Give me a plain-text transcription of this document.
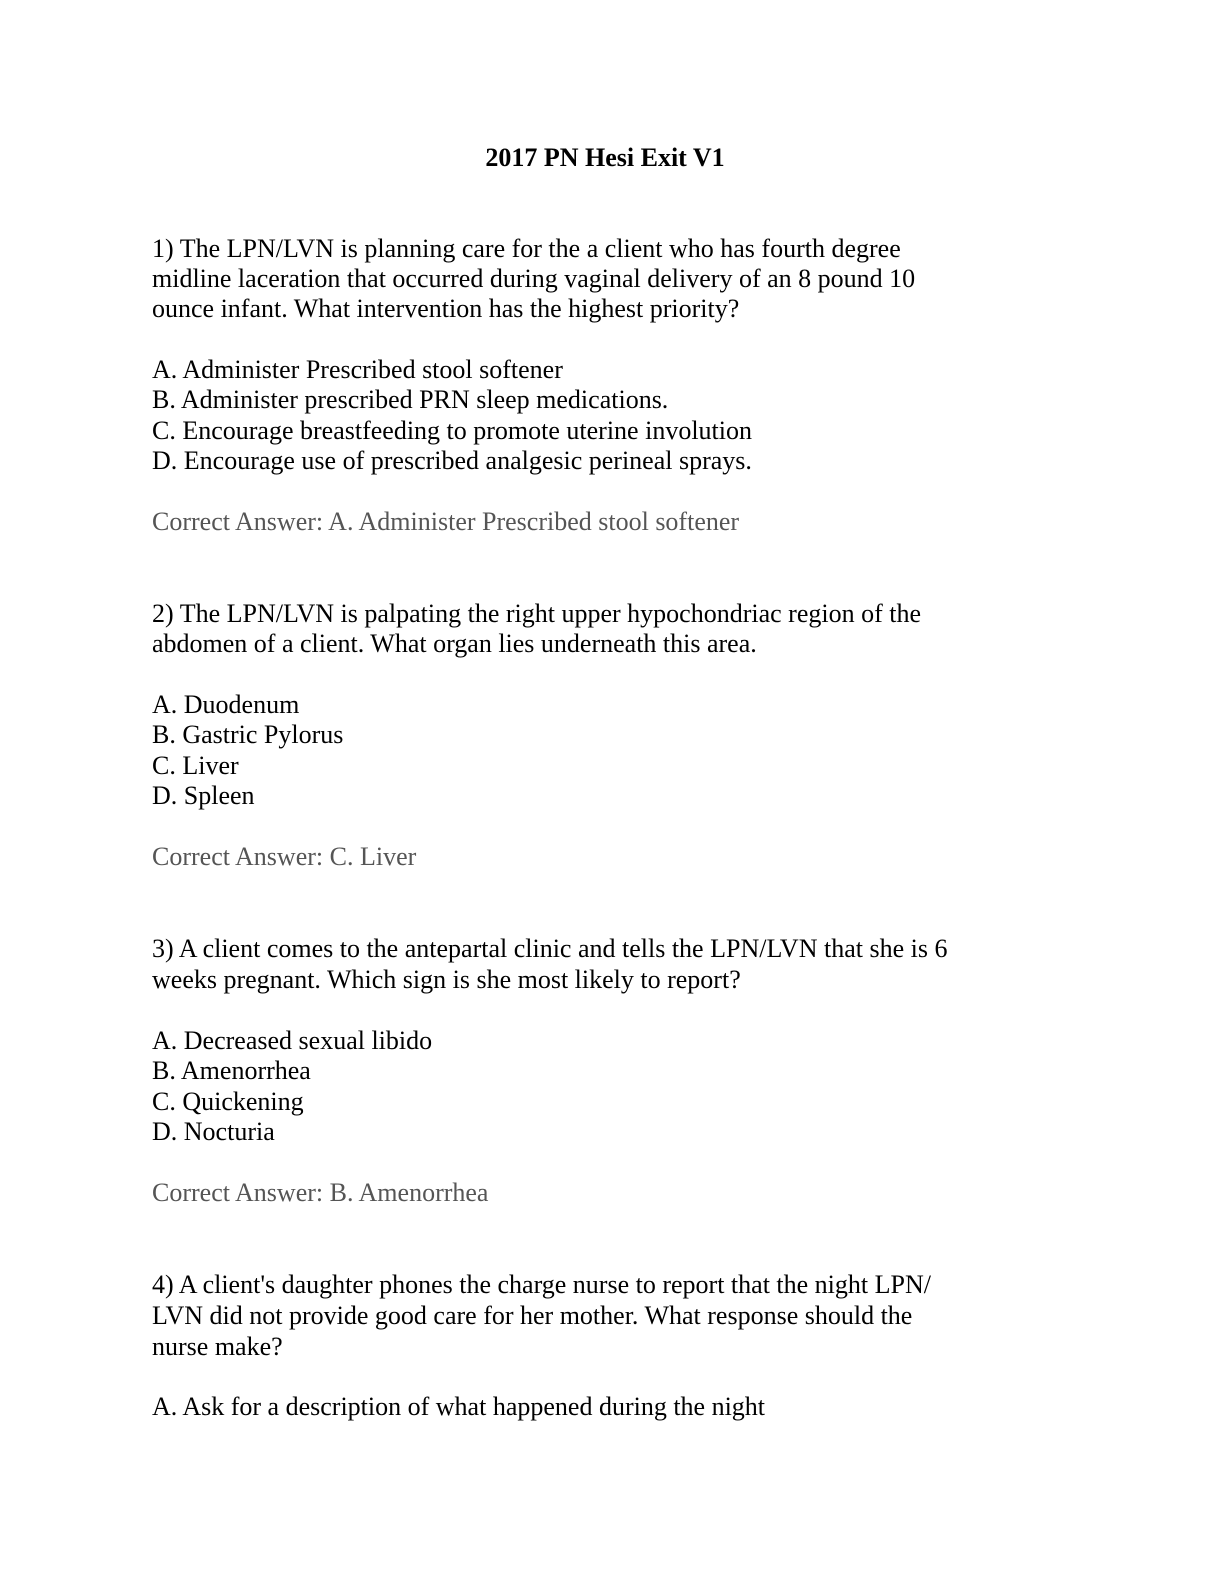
2017 PN Hesi Exit V1
1) The LPN/LVN is planning care for the a client who has fourth degree
midline laceration that occurred during vaginal delivery of an 8 pound 10
ounce infant. What intervention has the highest priority?
A. Administer Prescribed stool softener
B. Administer prescribed PRN sleep medications.
C. Encourage breastfeeding to promote uterine involution
D. Encourage use of prescribed analgesic perineal sprays.
Correct Answer: A. Administer Prescribed stool softener
2) The LPN/LVN is palpating the right upper hypochondriac region of the
abdomen of a client. What organ lies underneath this area.
A. Duodenum
B. Gastric Pylorus
C. Liver
D. Spleen
Correct Answer: C. Liver
3) A client comes to the antepartal clinic and tells the LPN/LVN that she is 6
weeks pregnant. Which sign is she most likely to report?
A. Decreased sexual libido
B. Amenorrhea
C. Quickening
D. Nocturia
Correct Answer: B. Amenorrhea
4) A client's daughter phones the charge nurse to report that the night LPN/
LVN did not provide good care for her mother. What response should the
nurse make?
A. Ask for a description of what happened during the night
